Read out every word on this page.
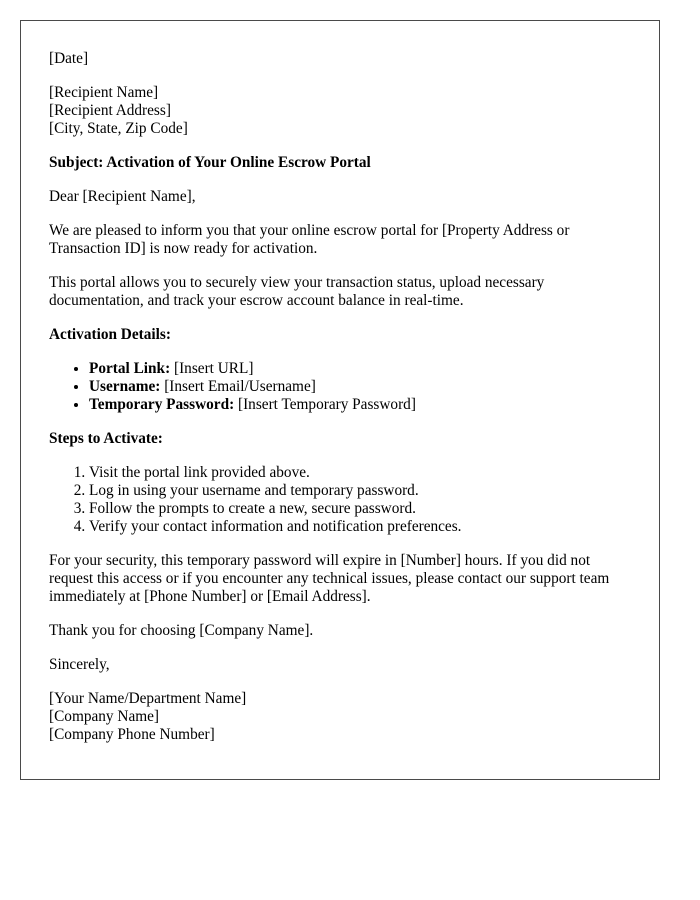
[Date]
[Recipient Name]
[Recipient Address]
[City, State, Zip Code]

Subject: Activation of Your Online Escrow Portal

Dear [Recipient Name],

We are pleased to inform you that your online escrow portal for [Property Address or Transaction ID] is now ready for activation.

This portal allows you to securely view your transaction status, upload necessary documentation, and track your escrow account balance in real-time.

Activation Details:
• Portal Link: [Insert URL]
• Username: [Insert Email/Username]
• Temporary Password: [Insert Temporary Password]
Steps to Activate:
1. Visit the portal link provided above.
2. Log in using your username and temporary password.
3. Follow the prompts to create a new, secure password.
4. Verify your contact information and notification preferences.

For your security, this temporary password will expire in [Number] hours. If you did not request this access or if you encounter any technical issues, please contact our support team immediately at [Phone Number] or [Email Address].

Thank you for choosing [Company Name].

Sincerely,

[Your Name/Department Name]
[Company Name]
[Company Phone Number]
